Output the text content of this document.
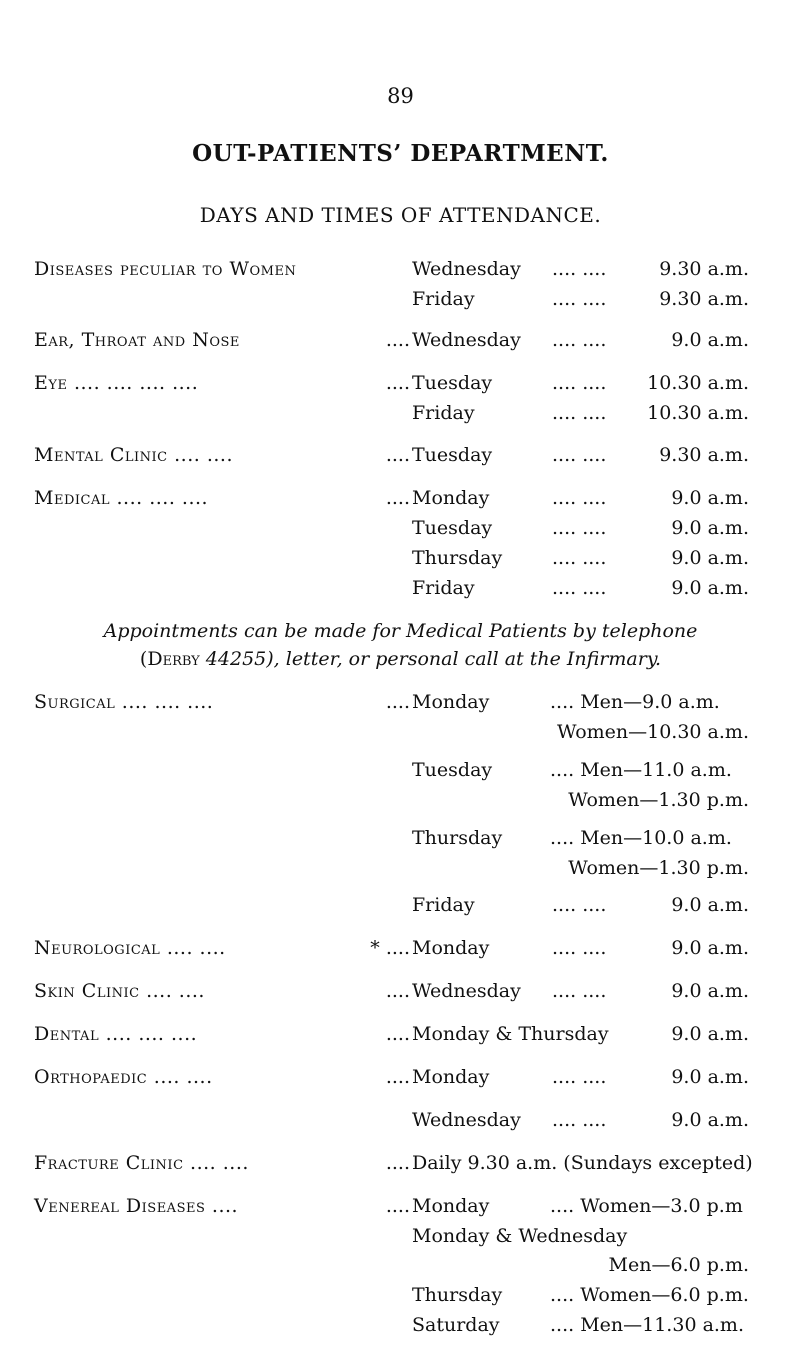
89
OUT-PATIENTS’ DEPARTMENT.
DAYS AND TIMES OF ATTENDANCE.
Diseases peculiar to Women	Wednesday .... ....	9.30 a.m.
Friday	.... ....	9.30 a.m.
Ear, Throat and Nose	.... Wednesday .... ....	9.0 a.m.
Eye .... .... .... ....	.... Tuesday	.... .... 10.30 a.m.
Friday	.... .... 10.30 a.m.
Mental Clinic .... ....	.... Tuesday	.... ....	9.30 a.m.
Medical .... .... ....	.... Monday	.... ....	9.0 a.m.
Tuesday	.... ....	9.0 a.m.
Thursday	.... ....	9.0 a.m.
Friday	.... ....	9.0 a.m.
Appointments can be made for Medical Patients by telephone
(Derby 44255), letter, or personal call at the Infirmary.
Surgical .... .... ....	.... Monday	.... Men—9.0 a.m.
Women—10.30 a.m.
Tuesday	.... Men—11.0 a.m.
Women—1.30 p.m.
Thursday	.... Men—10.0 a.m.
Women—1.30 p.m.
Friday	.... ....	9.0 a.m.
Neurological .... ....	* .... Monday	.... ....	9.0 a.m.
Skin Clinic .... ....	.... Wednesday .... ....	9.0 a.m.
Dental .... .... ....	.... Monday & Thursday	9.0 a.m.
Orthopaedic .... ....	.... Monday	.... ....	9.0 a.m.
Wednesday .... ....	9.0 a.m.
Fracture Clinic .... ....	.... Daily 9.30 a.m. (Sundays excepted)
Venereal Diseases ....	.... Monday	.... Women—3.0 p.m
Monday & Wednesday
Men—6.0 p.m.
Thursday	.... Women—6.0 p.m.
Saturday	.... Men—11.30 a.m.
